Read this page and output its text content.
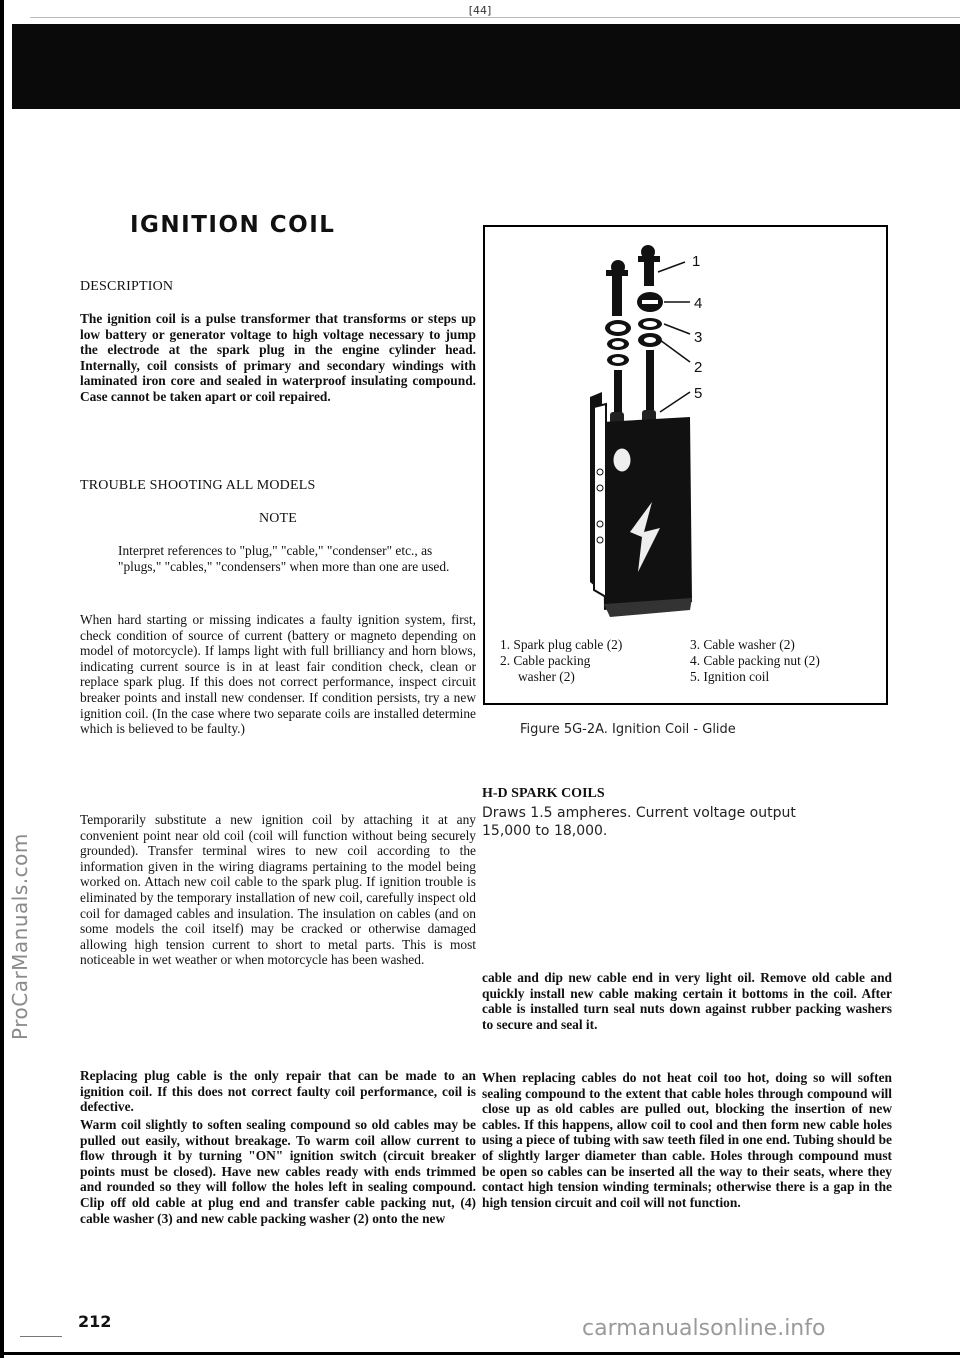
[44]
ProCarManuals.com
IGNITION COIL
DESCRIPTION
The ignition coil is a pulse transformer that transforms or steps up low battery or generator voltage to high voltage necessary to jump the electrode at the spark plug in the engine cylinder head. Internally, coil consists of primary and secondary windings with laminated iron core and sealed in waterproof insulating compound. Case cannot be taken apart or coil repaired.
TROUBLE SHOOTING ALL MODELS
NOTE
Interpret references to "plug," "cable," "condenser" etc., as "plugs," "cables," "condensers" when more than one are used.
When hard starting or missing indicates a faulty ignition system, first, check condition of source of current (battery or magneto depending on model of motorcycle). If lamps light with full brilliancy and horn blows, indicating current source is in at least fair condition check, clean or replace spark plug. If this does not correct performance, inspect circuit breaker points and install new condenser. If condition persists, try a new ignition coil. (In the case where two separate coils are installed determine which is believed to be faulty.)
Temporarily substitute a new ignition coil by attaching it at any convenient point near old coil (coil will function without being securely grounded). Transfer terminal wires to new coil according to the information given in the wiring diagrams pertaining to the model being worked on. Attach new coil cable to the spark plug. If ignition trouble is eliminated by the temporary installation of new coil, carefully inspect old coil for damaged cables and insulation. The insulation on cables (and on some models the coil itself) may be cracked or otherwise damaged allowing high tension current to short to metal parts. This is most noticeable in wet weather or when motorcycle has been washed.
Replacing plug cable is the only repair that can be made to an ignition coil. If this does not correct faulty coil performance, coil is defective.
Warm coil slightly to soften sealing compound so old cables may be pulled out easily, without breakage. To warm coil allow current to flow through it by turning "ON" ignition switch (circuit breaker points must be closed). Have new cables ready with ends trimmed and rounded so they will follow the holes left in sealing compound. Clip off old cable at plug end and transfer cable packing nut, (4) cable washer (3) and new cable packing washer (2) onto the new
212
1
4
3
2
5
1. Spark plug cable (2)
2. Cable packing
washer (2)
3. Cable washer (2)
4. Cable packing nut (2)
5. Ignition coil
Figure 5G-2A. Ignition Coil - Glide
H-D SPARK COILS
Draws 1.5 ampheres. Current voltage output 15,000 to 18,000.
cable and dip new cable end in very light oil. Remove old cable and quickly install new cable making certain it bottoms in the coil. After cable is installed turn seal nuts down against rubber packing washers to secure and seal it.
When replacing cables do not heat coil too hot, doing so will soften sealing compound to the extent that cable holes through compound will close up as old cables are pulled out, blocking the insertion of new cables. If this happens, allow coil to cool and then form new cable holes using a piece of tubing with saw teeth filed in one end. Tubing should be of slightly larger diameter than cable. Holes through compound must be open so cables can be inserted all the way to their seats, where they contact high tension winding terminals; otherwise there is a gap in the high tension circuit and coil will not function.
carmanualsonline.info
